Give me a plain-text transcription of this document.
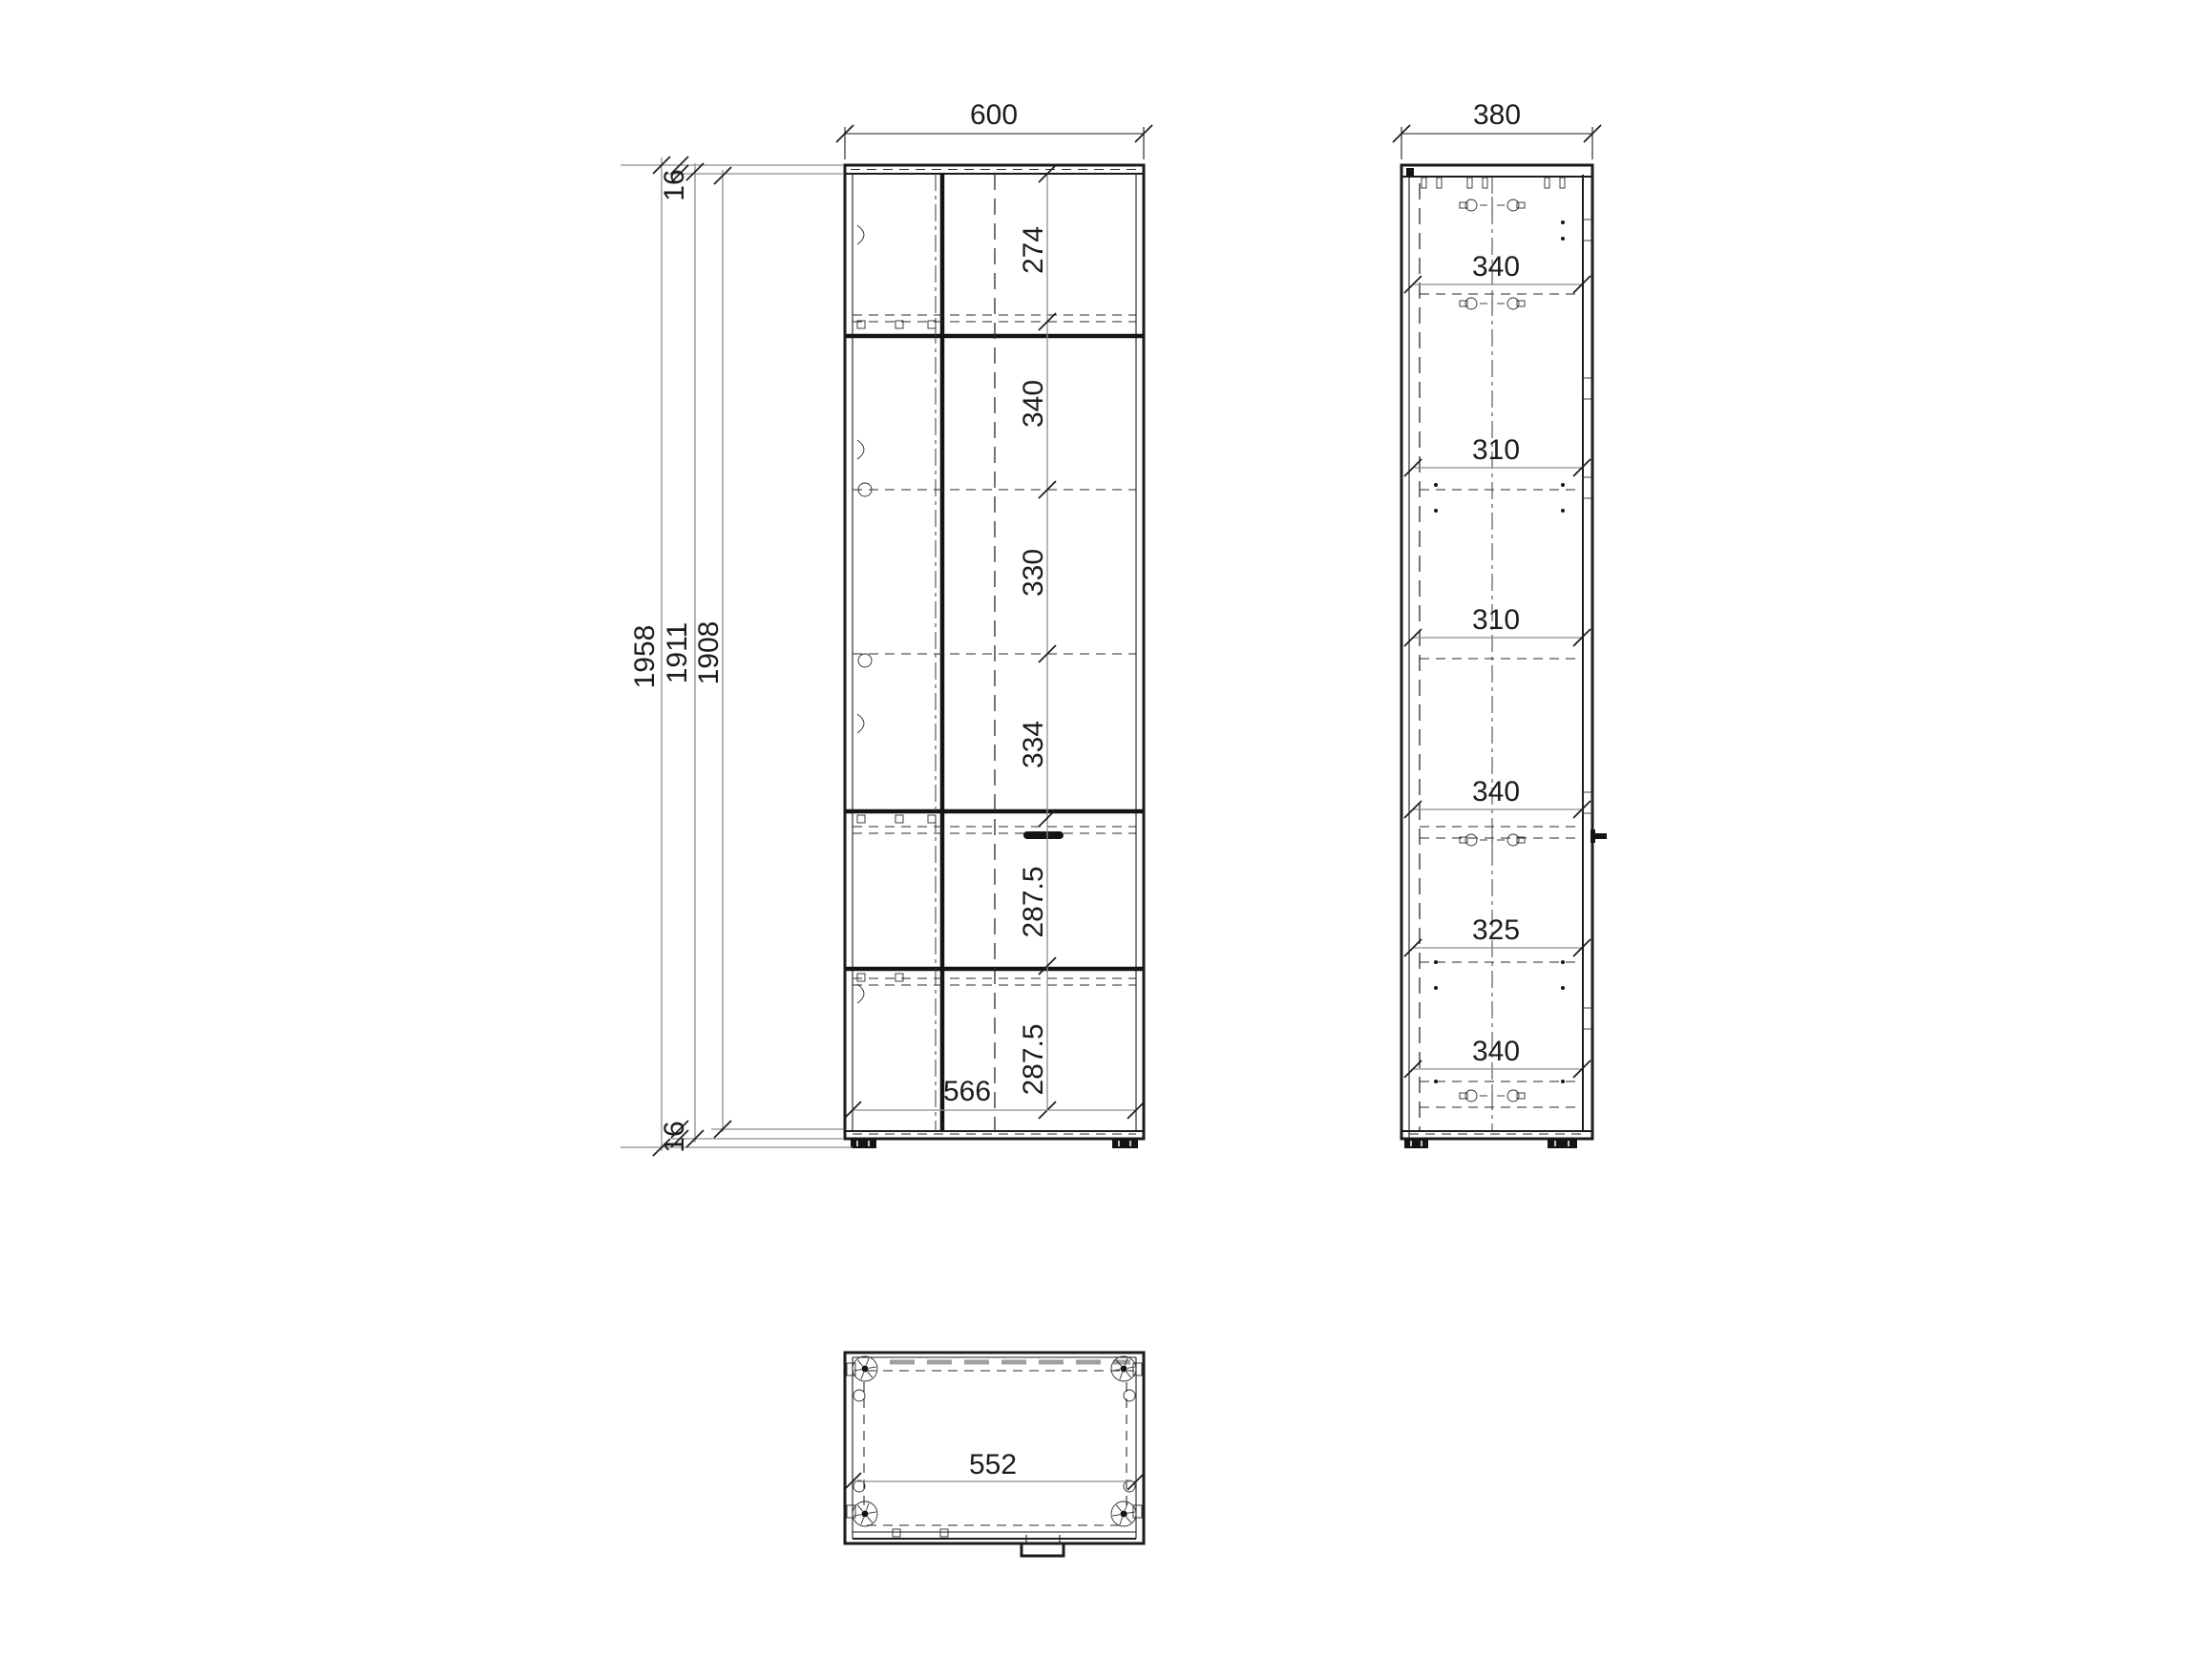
600
274
340
330
334
287.5
287.5
566
1958 1911 1908
16
16
380
340
310
310
340
325
340
552
